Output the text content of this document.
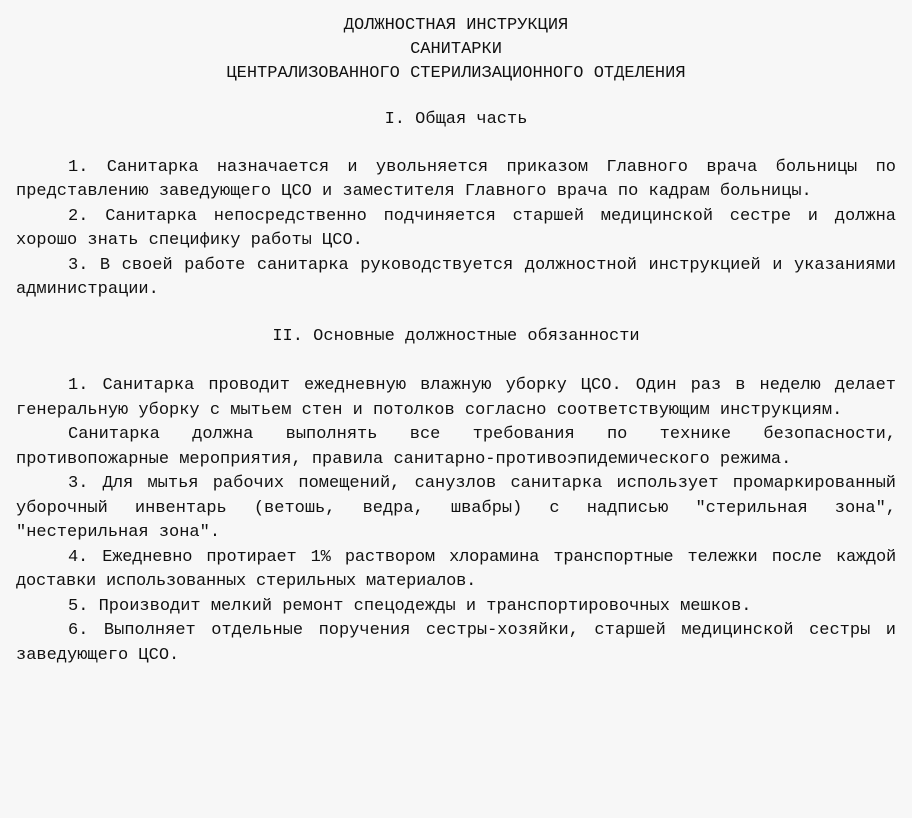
ДОЛЖНОСТНАЯ ИНСТРУКЦИЯ
САНИТАРКИ
ЦЕНТРАЛИЗОВАННОГО СТЕРИЛИЗАЦИОННОГО ОТДЕЛЕНИЯ
I. Общая часть

1. Санитарка назначается и увольняется приказом Главного врача больницы по представлению заведующего ЦСО и заместителя Главного врача по кадрам больницы.

2. Санитарка непосредственно подчиняется старшей медицинской сестре и должна хорошо знать специфику работы ЦСО.

3. В своей работе санитарка руководствуется должностной инструкцией и указаниями администрации.

II. Основные должностные обязанности

1. Санитарка проводит ежедневную влажную уборку ЦСО. Один раз в неделю делает генеральную уборку с мытьем стен и потолков согласно соответствующим инструкциям.

Санитарка должна выполнять все требования по технике безопасности, противопожарные мероприятия, правила санитарно-противоэпидемического режима.

3. Для мытья рабочих помещений, санузлов санитарка использует промаркированный уборочный инвентарь (ветошь, ведра, швабры) с надписью "стерильная зона", "нестерильная зона".

4. Ежедневно протирает 1% раствором хлорамина транспортные тележки после каждой доставки использованных стерильных материалов.

5. Производит мелкий ремонт спецодежды и транспортировочных мешков.

6. Выполняет отдельные поручения сестры-хозяйки, старшей медицинской сестры и заведующего ЦСО.
